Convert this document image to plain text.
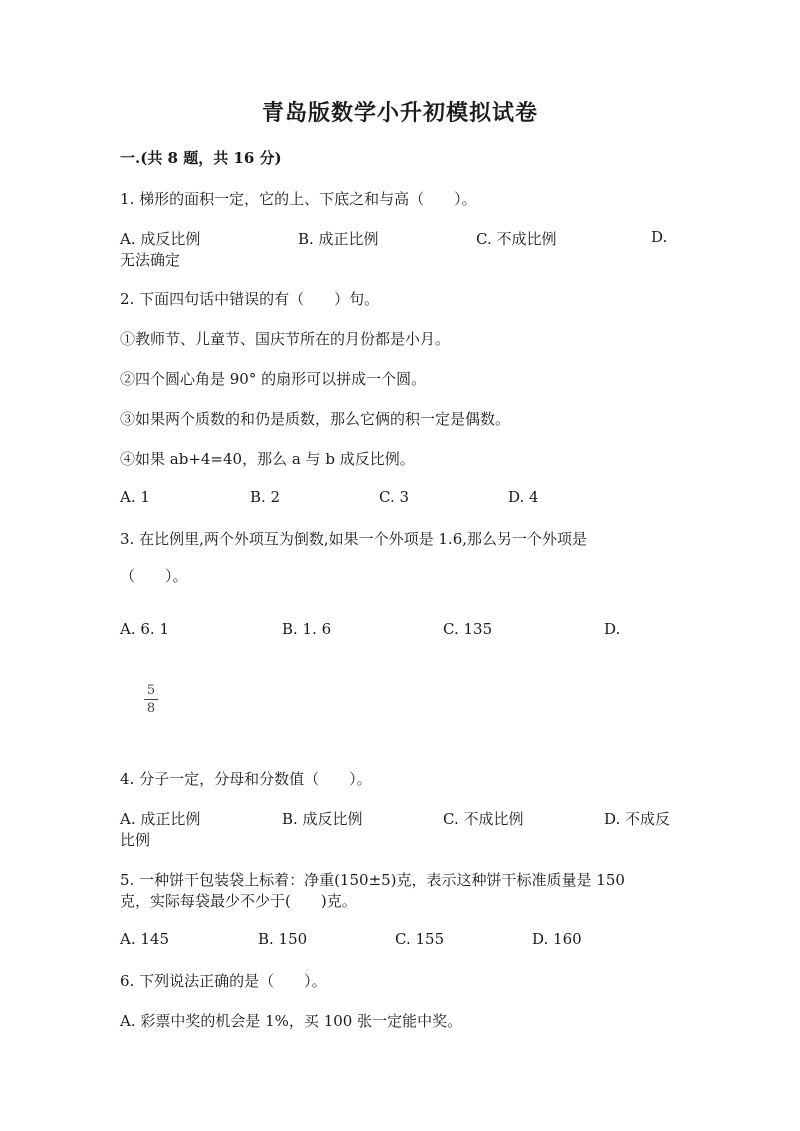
青岛版数学小升初模拟试卷
一.(共 8 题，共 16 分)
1. 梯形的面积一定，它的上、下底之和与高（　　）。
A. 成反比例	B. 成正比例	C. 不成比例	D.
无法确定
2. 下面四句话中错误的有（　　）句。
①教师节、儿童节、国庆节所在的月份都是小月。
②四个圆心角是 90° 的扇形可以拼成一个圆。
③如果两个质数的和仍是质数，那么它俩的积一定是偶数。
④如果 ab+4=40，那么 a 与 b 成反比例。
A. 1	B. 2	C. 3	D. 4
3. 在比例里,两个外项互为倒数,如果一个外项是 1.6,那么另一个外项是
（　　）。
A. 6. 1	B. 1. 6	C. 135	D.
5
8
4. 分子一定，分母和分数值（　　）。
A. 成正比例	B. 成反比例	C. 不成比例	D. 不成反
比例
5. 一种饼干包装袋上标着：净重(150±5)克，表示这种饼干标准质量是 150
克，实际每袋最少不少于(　　)克。
A. 145	B. 150	C. 155	D. 160
6. 下列说法正确的是（　　）。
A. 彩票中奖的机会是 1%，买 100 张一定能中奖。
